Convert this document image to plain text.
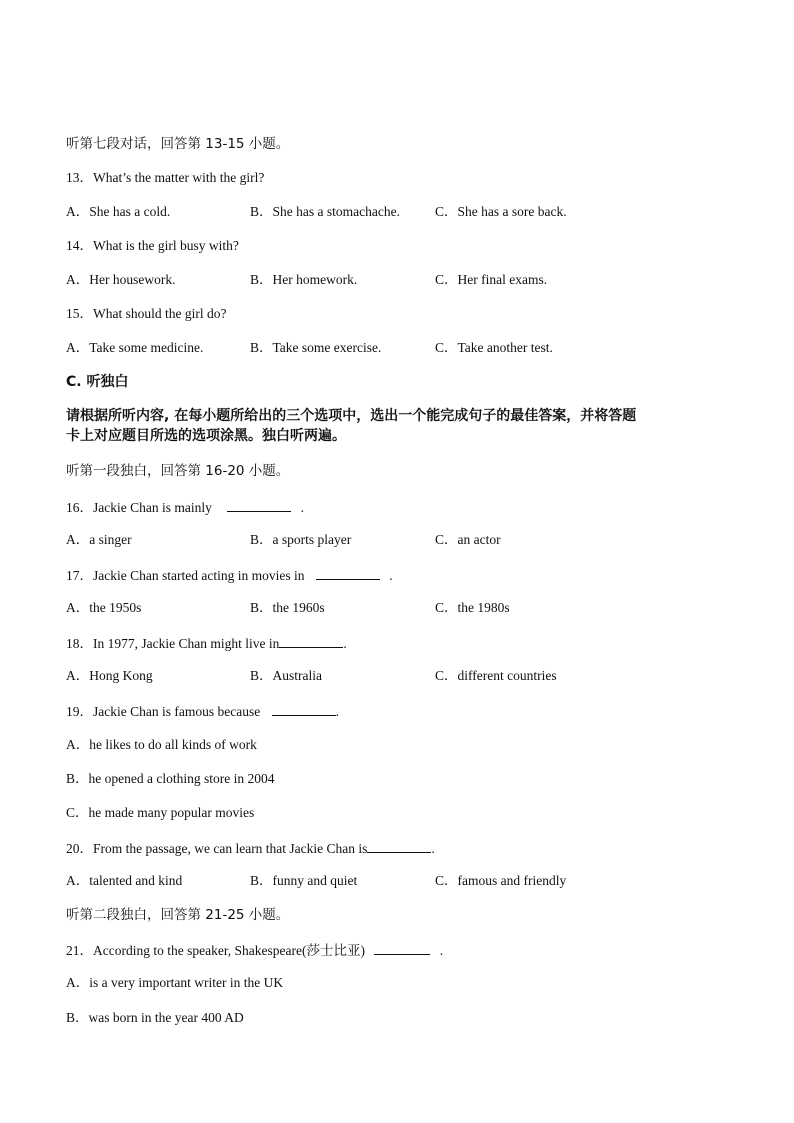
听第七段对话，回答第 13-15 小题。
13．What’s the matter with the girl?
A．She has a cold.	B．She has a stomachache.	C．She has a sore back.
14．What is the girl busy with?
A．Her housework.	B．Her homework.	C．Her final exams.
15．What should the girl do?
A．Take some medicine.	B．Take some exercise.	C．Take another test.
C. 听独白
请根据所听内容, 在每小题所给出的三个选项中，选出一个能完成句子的最佳答案，并将答题
卡上对应题目所选的选项涂黑。独白听两遍。
听第一段独白，回答第 16-20 小题。
16．Jackie Chan is mainly	.
A．a singer	B．a sports player	C．an actor
17．Jackie Chan started acting in movies in	.
A．the 1950s	B．the 1960s	C．the 1980s
18．In 1977, Jackie Chan might live in	.
A．Hong Kong	B．Australia	C．different countries
19．Jackie Chan is famous because	.
A．he likes to do all kinds of work
B．he opened a clothing store in 2004
C．he made many popular movies
20．From the passage, we can learn that Jackie Chan is	.
A．talented and kind	B．funny and quiet	C．famous and friendly
听第二段独白，回答第 21-25 小题。
21．According to the speaker, Shakespeare(莎士比亚)	.
A．is a very important writer in the UK
B．was born in the year 400 AD
